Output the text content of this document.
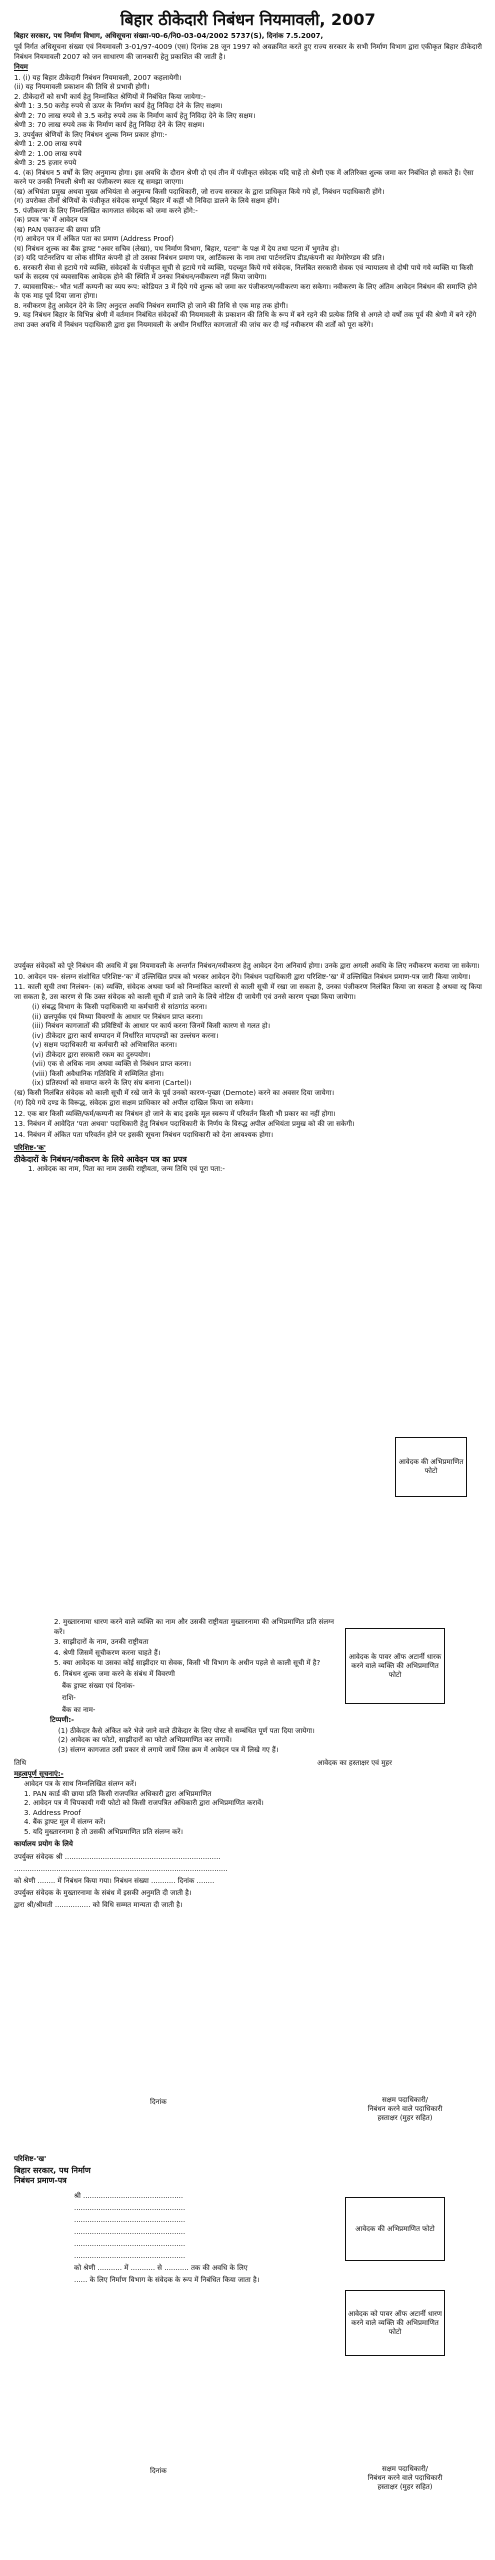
बिहार ठीकेदारी निबंधन नियमावली, 2007

बिहार सरकार, पथ निर्माण विभाग, अधिसूचना संख्या-प0-6/नि0-03-04/2002 5737(S), दिनांक 7.5.2007,

पूर्व निर्गत अधिसूचना संख्या एवं नियमावली 3-01/97-4009 (एस) दिनांक 28 जून 1997 को अवक्रमित करते हुए राज्य सरकार के सभी निर्माण विभाग द्वारा एकीकृत बिहार ठीकेदारी निबंधन नियमावली 2007 को जन साधारण की जानकारी हेतु प्रकाशित की जाती है।

नियम

1. (i) यह बिहार ठीकेदारी निबंधन नियमावली, 2007 कहलायेगी।
(ii) यह नियमावली प्रकाशन की तिथि से प्रभावी होगी।
2. ठीकेदारों को सभी कार्य हेतु निम्नांकित श्रेणियों में निबंधित किया जायेगा:-
श्रेणी 1: 3.50 करोड़ रुपये से ऊपर के निर्माण कार्य हेतु निविदा देने के लिए सक्षम।
श्रेणी 2: 70 लाख रुपये से 3.5 करोड़ रुपये तक के निर्माण कार्य हेतु निविदा देने के लिए सक्षम।
श्रेणी 3: 70 लाख रुपये तक के निर्माण कार्य हेतु निविदा देने के लिए सक्षम।
3. उपर्युक्त श्रेणियों के लिए निबंधन शुल्क निम्न प्रकार होगा:-
श्रेणी 1: 2.00 लाख रुपये
श्रेणी 2: 1.00 लाख रुपये
श्रेणी 3: 25 हजार रुपये
4. (क) निबंधन 5 वर्षों के लिए अनुमान्य होगा। इस अवधि के दौरान श्रेणी दो एवं तीन में पंजीकृत संवेदक यदि चाहें तो श्रेणी एक में अतिरिक्त शुल्क जमा कर निबंधित हो सकते हैं। ऐसा करने पर उनकी निचली श्रेणी का पंजीकरण स्वतः रद्द समझा जाएगा।
(ख) अभियंता प्रमुख अथवा मुख्य अभियंता से अनुमन्य किसी पदाधिकारी, जो राज्य सरकार के द्वारा प्राधिकृत किये गये हों, निबंधन पदाधिकारी होंगे।
(ग) उपरोक्त तीनों श्रेणियों के पंजीकृत संवेदक सम्पूर्ण बिहार में कहीं भी निविदा डालने के लिये सक्षम होंगे।
5. पंजीकरण के लिए निम्नलिखित कागजात संवेदक को जमा करने होंगे:-
(क) प्रपत्र 'क' में आवेदन पत्र
(ख) PAN एकाउन्ट की छाया प्रति
(ग) आवेदन पत्र में अंकित पता का प्रमाण (Address Proof)
(घ) निबंधन शुल्क का बैंक ड्राफ्ट "अवर सचिव (लेखा), पथ निर्माण विभाग, बिहार, पटना" के पक्ष में देय तथा पटना में भुगतेय हो।
(ङ) यदि पार्टनरशिप या लोक सीमित कंपनी हो तो उसका निबंधन प्रमाण पत्र, आर्टिकल्स के नाम तथा पार्टनरशिप डीड/कंपनी का मेमोरेण्डम की प्रति।
6. सरकारी सेवा से हटाये गये व्यक्ति, संवेदकों के पंजीकृत सूची से हटाये गये व्यक्ति, पदच्युत किये गये संवेदक, निलंबित सरकारी सेवक एवं न्यायालय से दोषी पाये गये व्यक्ति या किसी फर्म के सदस्य एवं व्यवसायिक आवेदक होने की स्थिति में उनका निबंधन/नवीकरण नहीं किया जायेगा।
7. व्यावसायिक:- भौत भर्ती कम्पनी का व्यय रूप: कोडियत 3 में दिये गये शुल्क को जमा कर पंजीकरण/नवीकरण करा सकेगा। नवीकरण के लिए अंतिम आवेदन निबंधन की समाप्ति होने के एक माह पूर्व दिया जाना होगा।
8. नवीकरण हेतु आवेदन देने के लिए अनुदत्त अवधि निबंधन समाप्ति हो जाने की तिथि से एक माह तक होगी।
9. यह निबंधन बिहार के विभिन्न श्रेणी में वर्तमान निबंधित संवेदकों की नियमावली के प्रकाशन की तिथि के रूप में बने रहने की प्रत्येक तिथि से अगले दो वर्षों तक पूर्व की श्रेणी में बने रहेंगे तथा उक्त अवधि में निबंधन पदाधिकारी द्वारा इस नियमावली के अधीन निर्धारित कागजातों की जांच कर दी गई नवीकरण की शर्तों को पूरा करेंगे।

उपर्युक्त संवेदकों को पूरे निबंधन की अवधि में इस नियमावली के अन्तर्गत निबंधन/नवीकरण हेतु आवेदन देना अनिवार्य होगा। उनके द्वारा अगली अवधि के लिए नवीकरण कराया जा सकेगा।

10. आवेदन पत्र- संलग्न संशोधित परिशिष्ट-'क' में उल्लिखित प्रपत्र को भरकर आवेदन देंगे। निबंधन पदाधिकारी द्वारा परिशिष्ट-'ख' में उल्लिखित निबंधन प्रमाण-पत्र जारी किया जायेगा।

11. काली सूची तथा निलंबन- (क) व्यक्ति, संवेदक अथवा फर्म को निम्नांकित कारणों से काली सूची में रखा जा सकता है, उनका पंजीकरण निलंबित किया जा सकता है अथवा रद्द किया जा सकता है, उस कारण से कि उक्त संवेदक को काली सूची में डाले जाने के लिये नोटिस दी जायेगी एवं उनसे कारण पृच्छा किया जायेगा।

(i) संबद्ध विभाग के किसी पदाधिकारी या कर्मचारी से सांठगांठ करना।
(ii) छलपूर्वक एवं मिथ्या विवरणों के आधार पर निबंधन प्राप्त करना।
(iii) निबंधन कागजातों की प्रविष्टियों के आधार पर कार्य करना जिनमें किसी कारण से गलत हो।
(iv) ठीकेदार द्वारा कार्य सम्पादन में निर्धारित मापदण्डों का उल्लंघन करना।
(v) सक्षम पदाधिकारी या कर्मचारी को अभित्रासित करना।
(vi) ठीकेदार द्वारा सरकारी रकम का दुरुपयोग।
(vii) एक से अधिक नाम अथवा व्यक्ति से निबंधन प्राप्त करना।
(viii) किसी अवैधानिक गतिविधि में सम्मिलित होना।
(ix) प्रतिस्पर्धा को समाप्त करने के लिए संघ बनाना (Cartel)।

(ख) किसी निलंबित संवेदक को काली सूची में रखे जाने के पूर्व उनको कारण-पृच्छा (Demote) करने का अवसर दिया जायेगा।

(ग) दिये गये दण्ड के विरूद्ध, संवेदक द्वारा सक्षम प्राधिकार को अपील दाखिल किया जा सकेगा।

12. एक बार किसी व्यक्ति/फर्म/कम्पनी का निबंधन हो जाने के बाद इसके मूल स्वरूप में परिवर्तन किसी भी प्रकार का नहीं होगा।

13. निबंधन में आवेदित 'पता अथवा' पदाधिकारी हेतु निबंधन पदाधिकारी के निर्णय के विरुद्ध अपील अभियंता प्रमुख को की जा सकेगी।

14. निबंधन में अंकित पता परिवर्तन होने पर इसकी सूचना निबंधन पदाधिकारी को देना आवश्यक होगा।

परिशिष्ट-'क'

ठीकेदारों के निबंधन/नवीकरण के लिये आवेदन पत्र का प्रपत्र

1. आवेदक का नाम, पिता का नाम उसकी राष्ट्रीयता, जन्म तिथि एवं पूरा पता:-

आवेदक की अभिप्रमाणित फोटो

2. मुख्तारनामा धारण करने वाले व्यक्ति का नाम और उसकी राष्ट्रीयता मुख्तारनामा की अभिप्रमाणित प्रति संलग्न करें।

3. साझीदारों के नाम, उनकी राष्ट्रीयता

4. श्रेणी जिसमें सूचीकरण करना चाहते हैं।

5. क्या आवेदक या उसका कोई साझीदार या सेवक, किसी भी विभाग के अधीन पहले से काली सूची में है?

6. निबंधन शुल्क जमा करने के संबंध में विवरणी

बैंक ड्राफ्ट संख्या एवं दिनांक-
राशि-
बैंक का नाम-

टिप्पणी:-

(1) ठीकेदार कैसे अंकित करे भेजे जाने वाले ठीकेदार के लिए पोस्ट से सम्बंधित पूर्ण पता दिया जायेगा।
(2) आवेदक का फोटो, साझीदारों का फोटो अभिप्रमाणित कर लगावें।
(3) संलग्न कागजात उसी प्रकार से लगाये जायें जिस क्रम में आवेदन पत्र में लिखे गए हैं।
तिथि	आवेदक का हस्ताक्षर एवं मुहर

महत्वपूर्ण सूचनाएं:-

आवेदन पत्र के साथ निम्नलिखित संलग्न करें।
1. PAN कार्ड की छाया प्रति किसी राजपत्रित अधिकारी द्वारा अभिप्रमाणित
2. आवेदन पत्र में चिपकायी गयी फोटो को किसी राजपत्रित अधिकारी द्वारा अभिप्रमाणित करावें।
3. Address Proof
4. बैंक ड्राफ्ट मूल में संलग्न करें।
5. यदि मुख्तारनामा है तो उसकी अभिप्रमाणित प्रति संलग्न करें।

कार्यालय प्रयोग के लिये

उपर्युक्त संवेदक श्री ......................................................................
................................................................................................
को श्रेणी ........ में निबंधन किया गया। निबंधन संख्या ........... दिनांक ........
उपर्युक्त संवेदक के मुख्तारनामा के संबंध में इसकी अनुमति दी जाती है।
द्वारा श्री/श्रीमती ................ को विधि सम्मत मान्यता दी जाती है।
आवेदक के पावर ऑफ अटार्नी धारक करने वाले व्यक्ति की अभिप्रमाणित फोटो
दिनांक	सक्षम पदाधिकारी/
निबंधन करने वाले पदाधिकारी
हस्ताक्षर (मुहर सहित)

परिशिष्ट-'ख'

बिहार सरकार, पथ निर्माण

निबंधन प्रमाण-पत्र

श्री .............................................
..................................................
..................................................
..................................................
..................................................
..................................................
को श्रेणी ........... में ........... से ........... तक की अवधि के लिए
...... के लिए निर्माण विभाग के संवेदक के रूप में निबंधित किया जाता है।
आवेदक की अभिप्रमाणित फोटो
आवेदक को पावर ऑफ अटार्नी धारण करने वाले व्यक्ति की अभिप्रमाणित फोटो
दिनांक	सक्षम पदाधिकारी/
निबंधन करने वाले पदाधिकारी
हस्ताक्षर (मुहर सहित)
